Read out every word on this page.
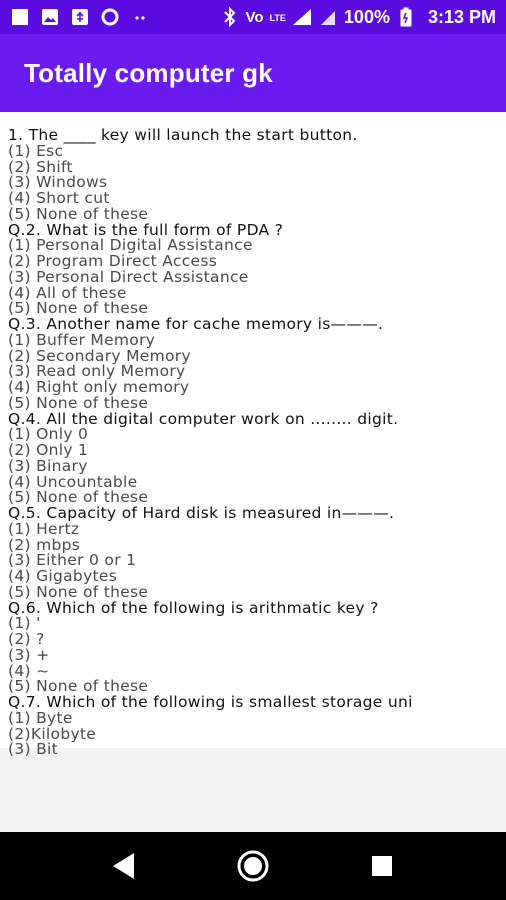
Vo LTE	100% 3:13 PM
Totally computer gk
1. The ____ key will launch the start button.
(1) Esc
(2) Shift
(3) Windows
(4) Short cut
(5) None of these
Q.2. What is the full form of PDA ?
(1) Personal Digital Assistance
(2) Program Direct Access
(3) Personal Direct Assistance
(4) All of these
(5) None of these
Q.3. Another name for cache memory is———.
(1) Buffer Memory
(2) Secondary Memory
(3) Read only Memory
(4) Right only memory
(5) None of these
Q.4. All the digital computer work on ........ digit.
(1) Only 0
(2) Only 1
(3) Binary
(4) Uncountable
(5) None of these
Q.5. Capacity of Hard disk is measured in———.
(1) Hertz
(2) mbps
(3) Either 0 or 1
(4) Gigabytes
(5) None of these
Q.6. Which of the following is arithmatic key ?
(1) '
(2) ?
(3) +
(4) ~
(5) None of these
Q.7. Which of the following is smallest storage uni
(1) Byte
(2)Kilobyte
(3) Bit
